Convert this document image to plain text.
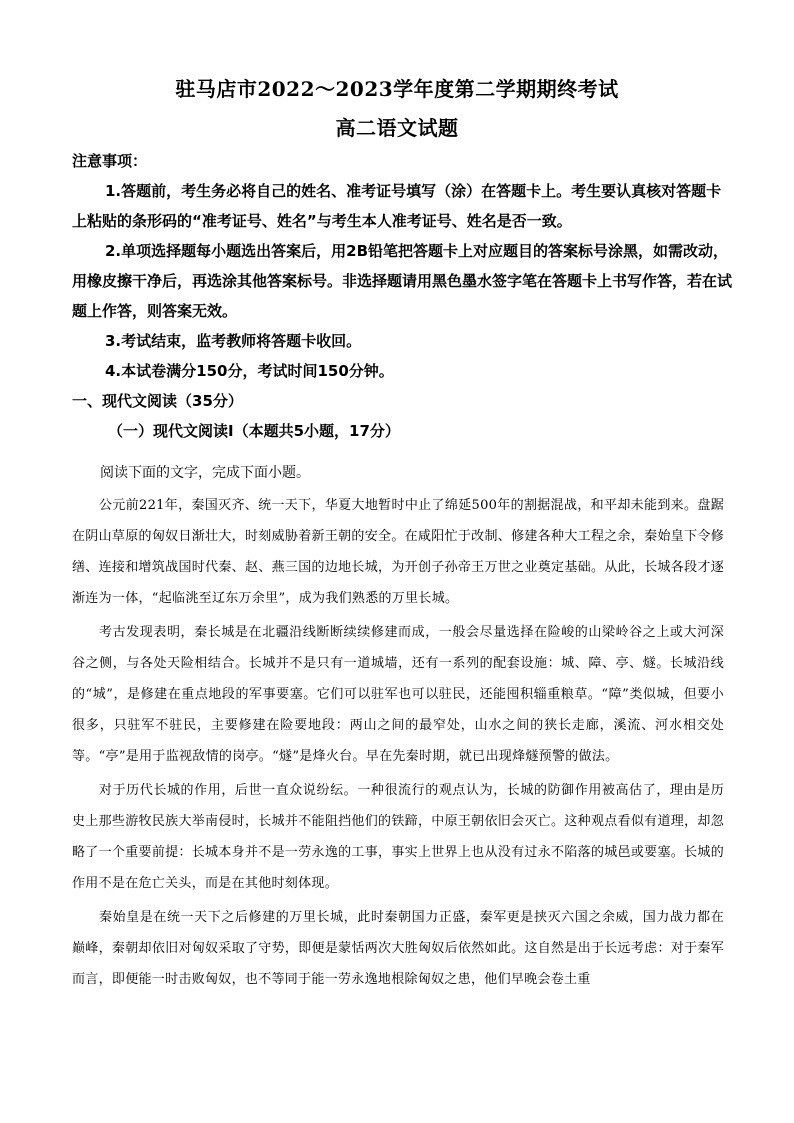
驻马店市2022～2023学年度第二学期期终考试
高二语文试题

注意事项：

1.答题前，考生务必将自己的姓名、准考证号填写（涂）在答题卡上。考生要认真核对答题卡上粘贴的条形码的“准考证号、姓名”与考生本人准考证号、姓名是否一致。

2.单项选择题每小题选出答案后，用2B铅笔把答题卡上对应题目的答案标号涂黑，如需改动，用橡皮擦干净后，再选涂其他答案标号。非选择题请用黑色墨水签字笔在答题卡上书写作答，若在试题上作答，则答案无效。

3.考试结束，监考教师将答题卡收回。

4.本试卷满分150分，考试时间150分钟。

一、现代文阅读（35分）

（一）现代文阅读Ⅰ（本题共5小题，17分）

阅读下面的文字，完成下面小题。

公元前221年，秦国灭齐、统一天下，华夏大地暂时中止了绵延500年的割据混战，和平却未能到来。盘踞在阴山草原的匈奴日渐壮大，时刻威胁着新王朝的安全。在咸阳忙于改制、修建各种大工程之余，秦始皇下令修缮、连接和增筑战国时代秦、赵、燕三国的边地长城，为开创子孙帝王万世之业奠定基础。从此，长城各段才逐渐连为一体，“起临洮至辽东万余里”，成为我们熟悉的万里长城。

考古发现表明，秦长城是在北疆沿线断断续续修建而成，一般会尽量选择在险峻的山梁岭谷之上或大河深谷之侧，与各处天险相结合。长城并不是只有一道城墙，还有一系列的配套设施：城、障、亭、燧。长城沿线的“城”，是修建在重点地段的军事要塞。它们可以驻军也可以驻民，还能囤积辎重粮草。“障”类似城，但要小很多，只驻军不驻民，主要修建在险要地段：两山之间的最窄处，山水之间的狭长走廊，溪流、河水相交处等。“亭”是用于监视敌情的岗亭。“燧”是烽火台。早在先秦时期，就已出现烽燧预警的做法。

对于历代长城的作用，后世一直众说纷纭。一种很流行的观点认为，长城的防御作用被高估了，理由是历史上那些游牧民族大举南侵时，长城并不能阻挡他们的铁蹄，中原王朝依旧会灭亡。这种观点看似有道理，却忽略了一个重要前提：长城本身并不是一劳永逸的工事，事实上世界上也从没有过永不陷落的城邑或要塞。长城的作用不是在危亡关头，而是在其他时刻体现。

秦始皇是在统一天下之后修建的万里长城，此时秦朝国力正盛，秦军更是挟灭六国之余威，国力战力都在巅峰，秦朝却依旧对匈奴采取了守势，即便是蒙恬两次大胜匈奴后依然如此。这自然是出于长远考虑：对于秦军而言，即便能一时击败匈奴，也不等同于能一劳永逸地根除匈奴之患，他们早晚会卷土重
